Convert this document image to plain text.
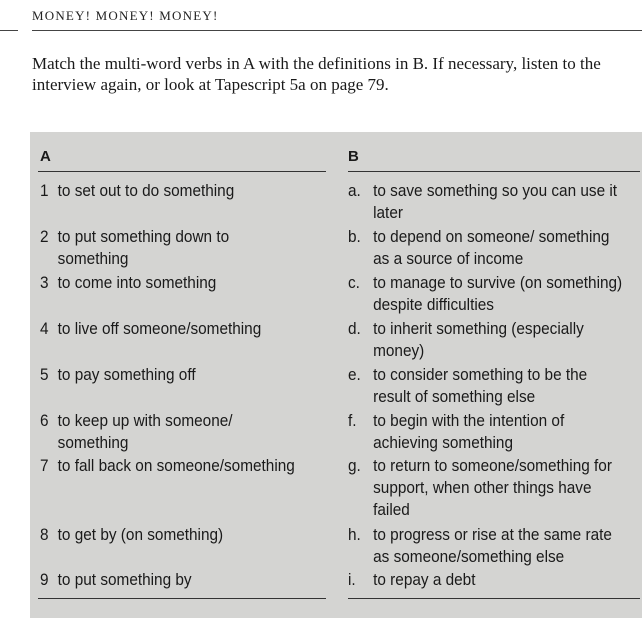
MONEY! MONEY! MONEY!
Match the multi-word verbs in A with the definitions in B. If necessary, listen to the interview again, or look at Tapescript 5a on page 79.
A	B
1 to set out to do something
2 to put something down to something
3 to come into something
4 to live off someone/something
5 to pay something off
6 to keep up with someone/ something
7 to fall back on someone/something
8 to get by (on something)
9 to put something by
a. to save something so you can use it later
b. to depend on someone/ something as a source of income
c. to manage to survive (on something) despite difficulties
d. to inherit something (especially money)
e. to consider something to be the result of something else
f. to begin with the intention of achieving something
g. to return to someone/something for support, when other things have failed
h. to progress or rise at the same rate as someone/something else
i. to repay a debt
